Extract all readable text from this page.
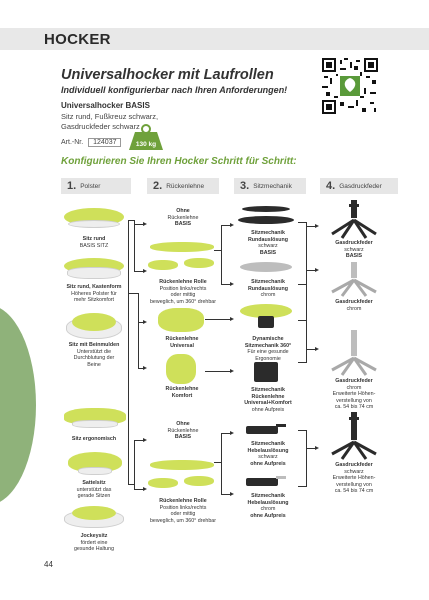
HOCKER
Universalhocker mit Laufrollen
Individuell konfigurierbar nach Ihren Anforderungen!
Universalhocker BASIS
Sitz rund, Fußkreuz schwarz,
Gasdruckfeder schwarz
Art.-Nr. 124037	130 kg
Konfigurieren Sie Ihren Hocker Schritt für Schritt:
1. Polster	2. Rückenlehne	3. Sitzmechanik	4. Gasdruckfeder
Sitz rund
BASIS SITZ
Sitz rund, Kastenform
Höheres Polster für
mehr Sitzkomfort
Sitz mit Beinmulden
Unterstützt die
Durchblutung der
Beine
Sitz ergonomisch
Sattelsitz
unterstützt das
gerade Sitzen
Jockeysitz
fördert eine
gesunde Haltung
Ohne
Rückenlehne
BASIS
Rückenlehne Rolle
Position links/rechts
oder mittig
beweglich, um 360° drehbar
Rückenlehne
Universal
Rückenlehne
Komfort
Ohne
Rückenlehne
BASIS
Rückenlehne Rolle
Position links/rechts
oder mittig
beweglich, um 360° drehbar
Sitzmechanik
Rundauslösung
schwarz
BASIS
Sitzmechanik
Rundauslösung
chrom
Dynamische
Sitzmechanik 360°
Für eine gesunde
Ergonomie
Sitzmechanik
Rückenlehne
Universal+Komfort
ohne Aufpreis
Sitzmechanik
Hebelauslösung
schwarz
ohne Aufpreis
Sitzmechanik
Hebelauslösung
chrom
ohne Aufpreis
Gasdruckfeder
schwarz
BASIS
Gasdruckfeder
chrom
Gasdruckfeder
chrom
Erweiterte Höhen-
verstellung von
ca. 54 bis 74 cm
Gasdruckfeder
schwarz
Erweiterte Höhen-
verstellung von
ca. 54 bis 74 cm
44
